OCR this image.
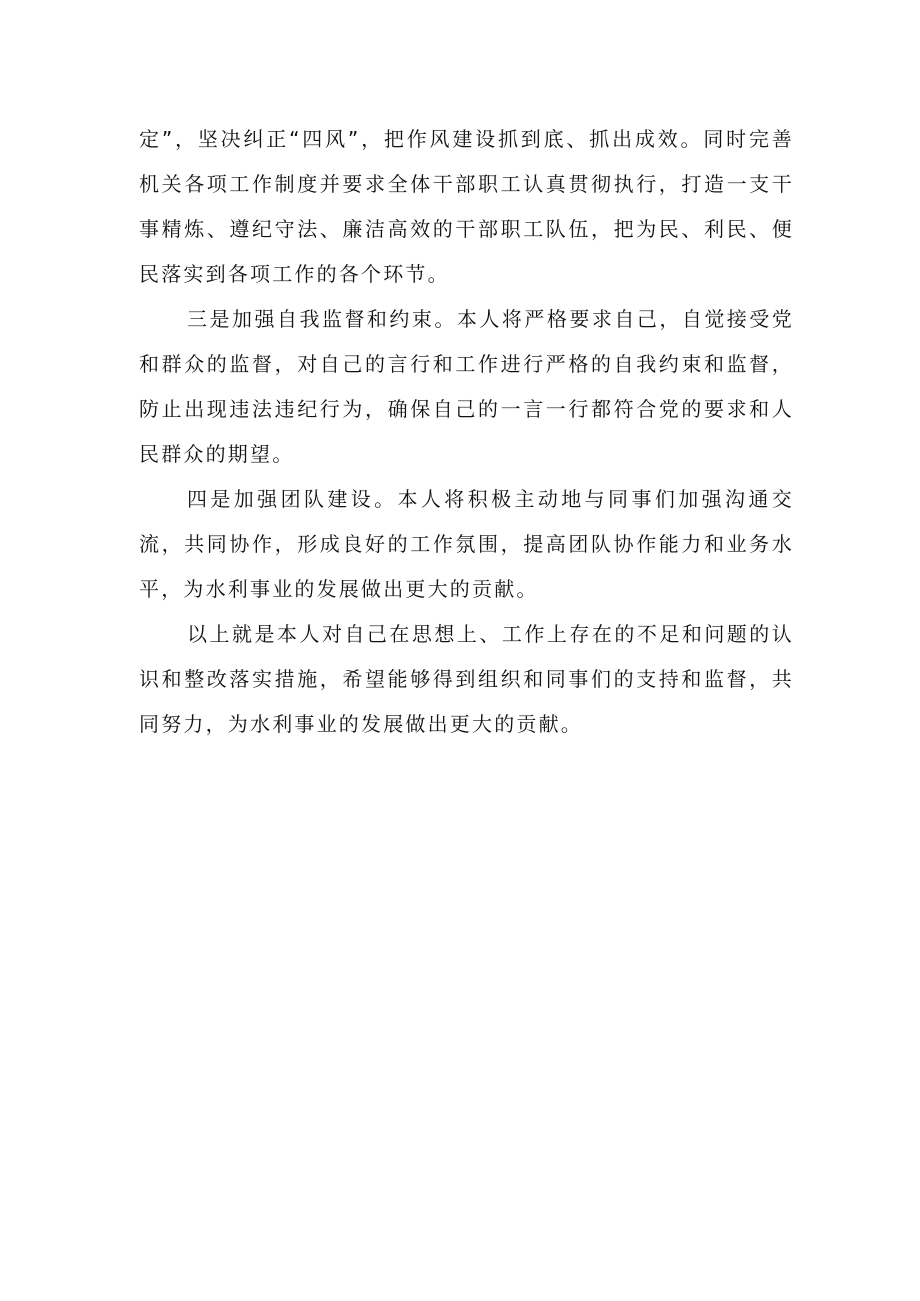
定”，坚决纠正“四风”，把作风建设抓到底、抓出成效。同时完善机关各项工作制度并要求全体干部职工认真贯彻执行，打造一支干事精炼、遵纪守法、廉洁高效的干部职工队伍，把为民、利民、便民落实到各项工作的各个环节。

三是加强自我监督和约束。本人将严格要求自己，自觉接受党和群众的监督，对自己的言行和工作进行严格的自我约束和监督，防止出现违法违纪行为，确保自己的一言一行都符合党的要求和人民群众的期望。

四是加强团队建设。本人将积极主动地与同事们加强沟通交流，共同协作，形成良好的工作氛围，提高团队协作能力和业务水平，为水利事业的发展做出更大的贡献。

以上就是本人对自己在思想上、工作上存在的不足和问题的认识和整改落实措施，希望能够得到组织和同事们的支持和监督，共同努力，为水利事业的发展做出更大的贡献。
